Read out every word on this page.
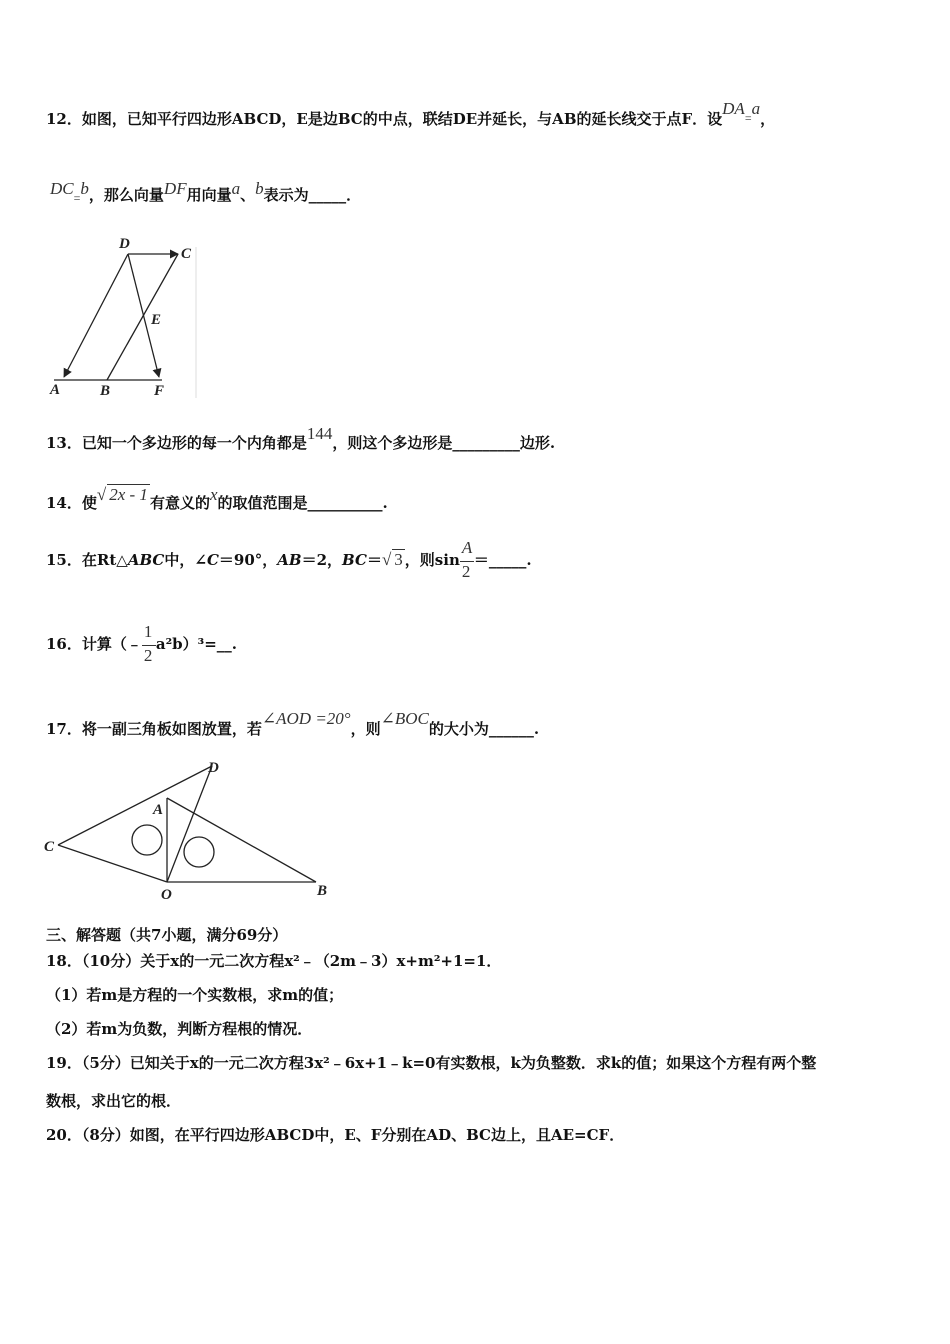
12．如图，已知平行四边形ABCD，E是边BC的中点，联结DE并延长，与AB的延长线交于点F．设$DA_=a$，
$DC_=b$，那么向量DF用向量a、b表示为_____．
D
C
E
A	B	F
13．已知一个多边形的每一个内角都是144，则这个多边形是_________边形.
14．使√ 2x - 1 有意义的x的取值范围是__________.
15．在Rt△ABC中，∠C＝90°，AB＝2，BC＝√ 3 ，则$\sin \frac{A}{2}$ ＝_____.
16．计算（﹣ $\frac{1}{2}$ a²b）³=__.
17．将一副三角板如图放置，若∠AOD =20°，则∠BOC的大小为______.
D
A
C
O	B
三、解答题（共7小题，满分69分）
18．（10分）关于x的一元二次方程x²﹣（2m﹣3）x+m²+1=1．
（1）若m是方程的一个实数根，求m的值；
（2）若m为负数，判断方程根的情况．
19．（5分）已知关于x的一元二次方程3x²﹣6x+1﹣k=0有实数根，k为负整数．求k的值；如果这个方程有两个整
数根，求出它的根．
20．（8分）如图，在平行四边形ABCD中，E、F分别在AD、BC边上，且AE=CF．
